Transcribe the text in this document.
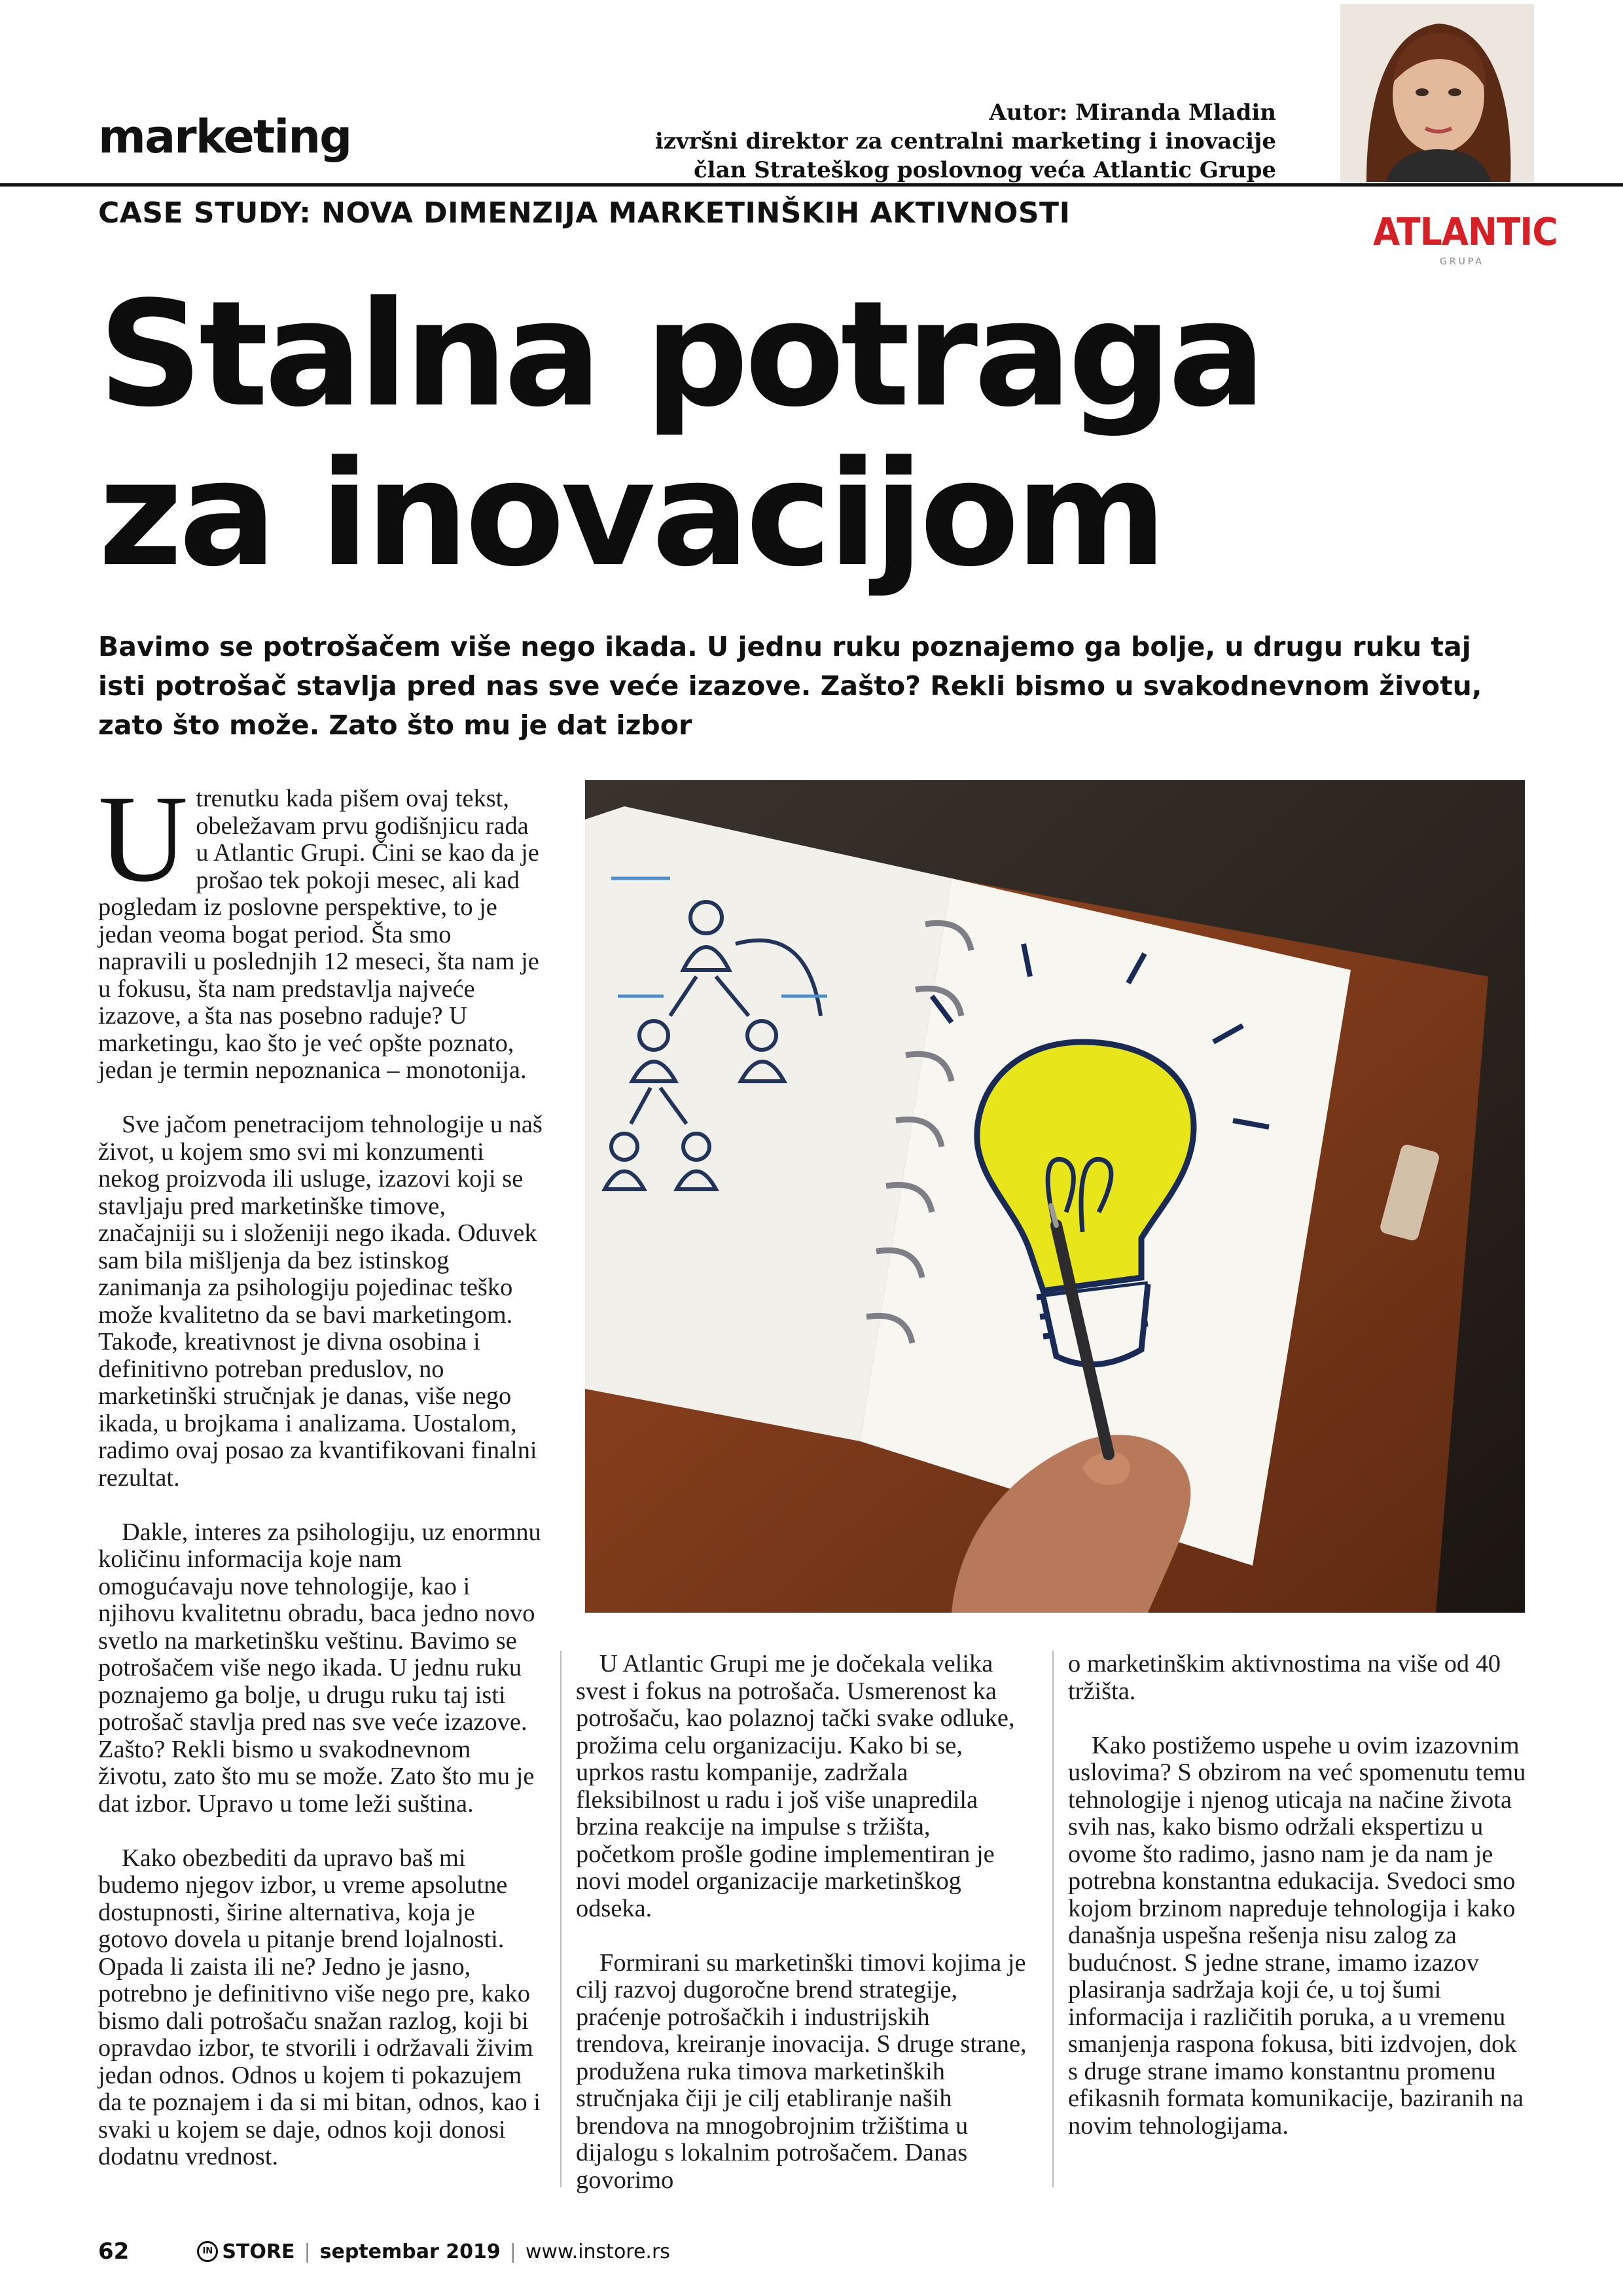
marketing	Autor: Miranda Mladin
izvršni direktor za centralni marketing i inovacije
član Strateškog poslovnog veća Atlantic Grupe
CASE STUDY: NOVA DIMENZIJA MARKETINŠKIH AKTIVNOSTI	ATLANTIC
GRUPA
Stalna potraga
za inovacijom

Bavimo se potrošačem više nego ikada. U jednu ruku poznajemo ga bolje, u drugu ruku taj isti potrošač stavlja pred nas sve veće izazove. Zašto? Rekli bismo u svakodnevnom životu, zato što može. Zato što mu je dat izbor

Utrenutku kada pišem ovaj tekst, obeležavam prvu godišnjicu rada u Atlantic Grupi. Čini se kao da je prošao tek pokoji mesec, ali kad pogledam iz poslovne perspektive, to je jedan veoma bogat period. Šta smo napravili u poslednjih 12 meseci, šta nam je u fokusu, šta nam predstavlja najveće izazove, a šta nas posebno raduje? U marketingu, kao što je već opšte poznato, jedan je termin nepoznanica – monotonija.

Sve jačom penetracijom tehnologije u naš život, u kojem smo svi mi konzumenti nekog proizvoda ili usluge, izazovi koji se stavljaju pred marketinške timove, značajniji su i složeniji nego ikada. Oduvek sam bila mišljenja da bez istinskog zanimanja za psihologiju pojedinac teško može kvalitetno da se bavi marketingom. Takođe, kreativnost je divna osobina i definitivno potreban preduslov, no marketinški stručnjak je danas, više nego ikada, u brojkama i analizama. Uostalom, radimo ovaj posao za kvantifikovani finalni rezultat.

Dakle, interes za psihologiju, uz enormnu količinu informacija koje nam omogućavaju nove tehnologije, kao i njihovu kvalitetnu obradu, baca jedno novo svetlo na marketinšku veštinu. Bavimo se potrošačem više nego ikada. U jednu ruku poznajemo ga bolje, u drugu ruku taj isti potrošač stavlja pred nas sve veće izazove. Zašto? Rekli bismo u svakodnevnom životu, zato što mu se može. Zato što mu je dat izbor. Upravo u tome leži suština.

Kako obezbediti da upravo baš mi budemo njegov izbor, u vreme apsolutne dostupnosti, širine alternativa, koja je gotovo dovela u pitanje brend lojalnosti. Opada li zaista ili ne? Jedno je jasno, potrebno je definitivno više nego pre, kako bismo dali potrošaču snažan razlog, koji bi opravdao izbor, te stvorili i održavali živim jedan odnos. Odnos u kojem ti pokazujem da te poznajem i da si mi bitan, odnos, kao i svaki u kojem se daje, odnos koji donosi dodatnu vrednost.

U Atlantic Grupi me je dočekala velika svest i fokus na potrošača. Usmerenost ka potrošaču, kao polaznoj tački svake odluke, prožima celu organizaciju. Kako bi se, uprkos rastu kompanije, zadržala fleksibilnost u radu i još više unapredila brzina reakcije na impulse s tržišta, početkom prošle godine implementiran je novi model organizacije marketinškog odseka.

Formirani su marketinški timovi kojima je cilj razvoj dugoročne brend strategije, praćenje potrošačkih i industrijskih trendova, kreiranje inovacija. S druge strane, produžena ruka timova marketinških stručnjaka čiji je cilj etabliranje naših brendova na mnogobrojnim tržištima u dijalogu s lokalnim potrošačem. Danas govorimo

o marketinškim aktivnostima na više od 40 tržišta.

Kako postižemo uspehe u ovim izazovnim uslovima? S obzirom na već spomenutu temu tehnologije i njenog uticaja na načine života svih nas, kako bismo održali ekspertizu u ovome što radimo, jasno nam je da nam je potrebna konstantna edukacija. Svedoci smo kojom brzinom napreduje tehnologija i kako današnja uspešna rešenja nisu zalog za budućnost. S jedne strane, imamo izazov plasiranja sadržaja koji će, u toj šumi informacija i različitih poruka, a u vremenu smanjenja raspona fokusa, biti izdvojen, dok s druge strane imamo konstantnu promenu efikasnih formata komunikacije, baziranih na novim tehnologijama.

62	IN STORE | septembar 2019 | www.instore.rs
